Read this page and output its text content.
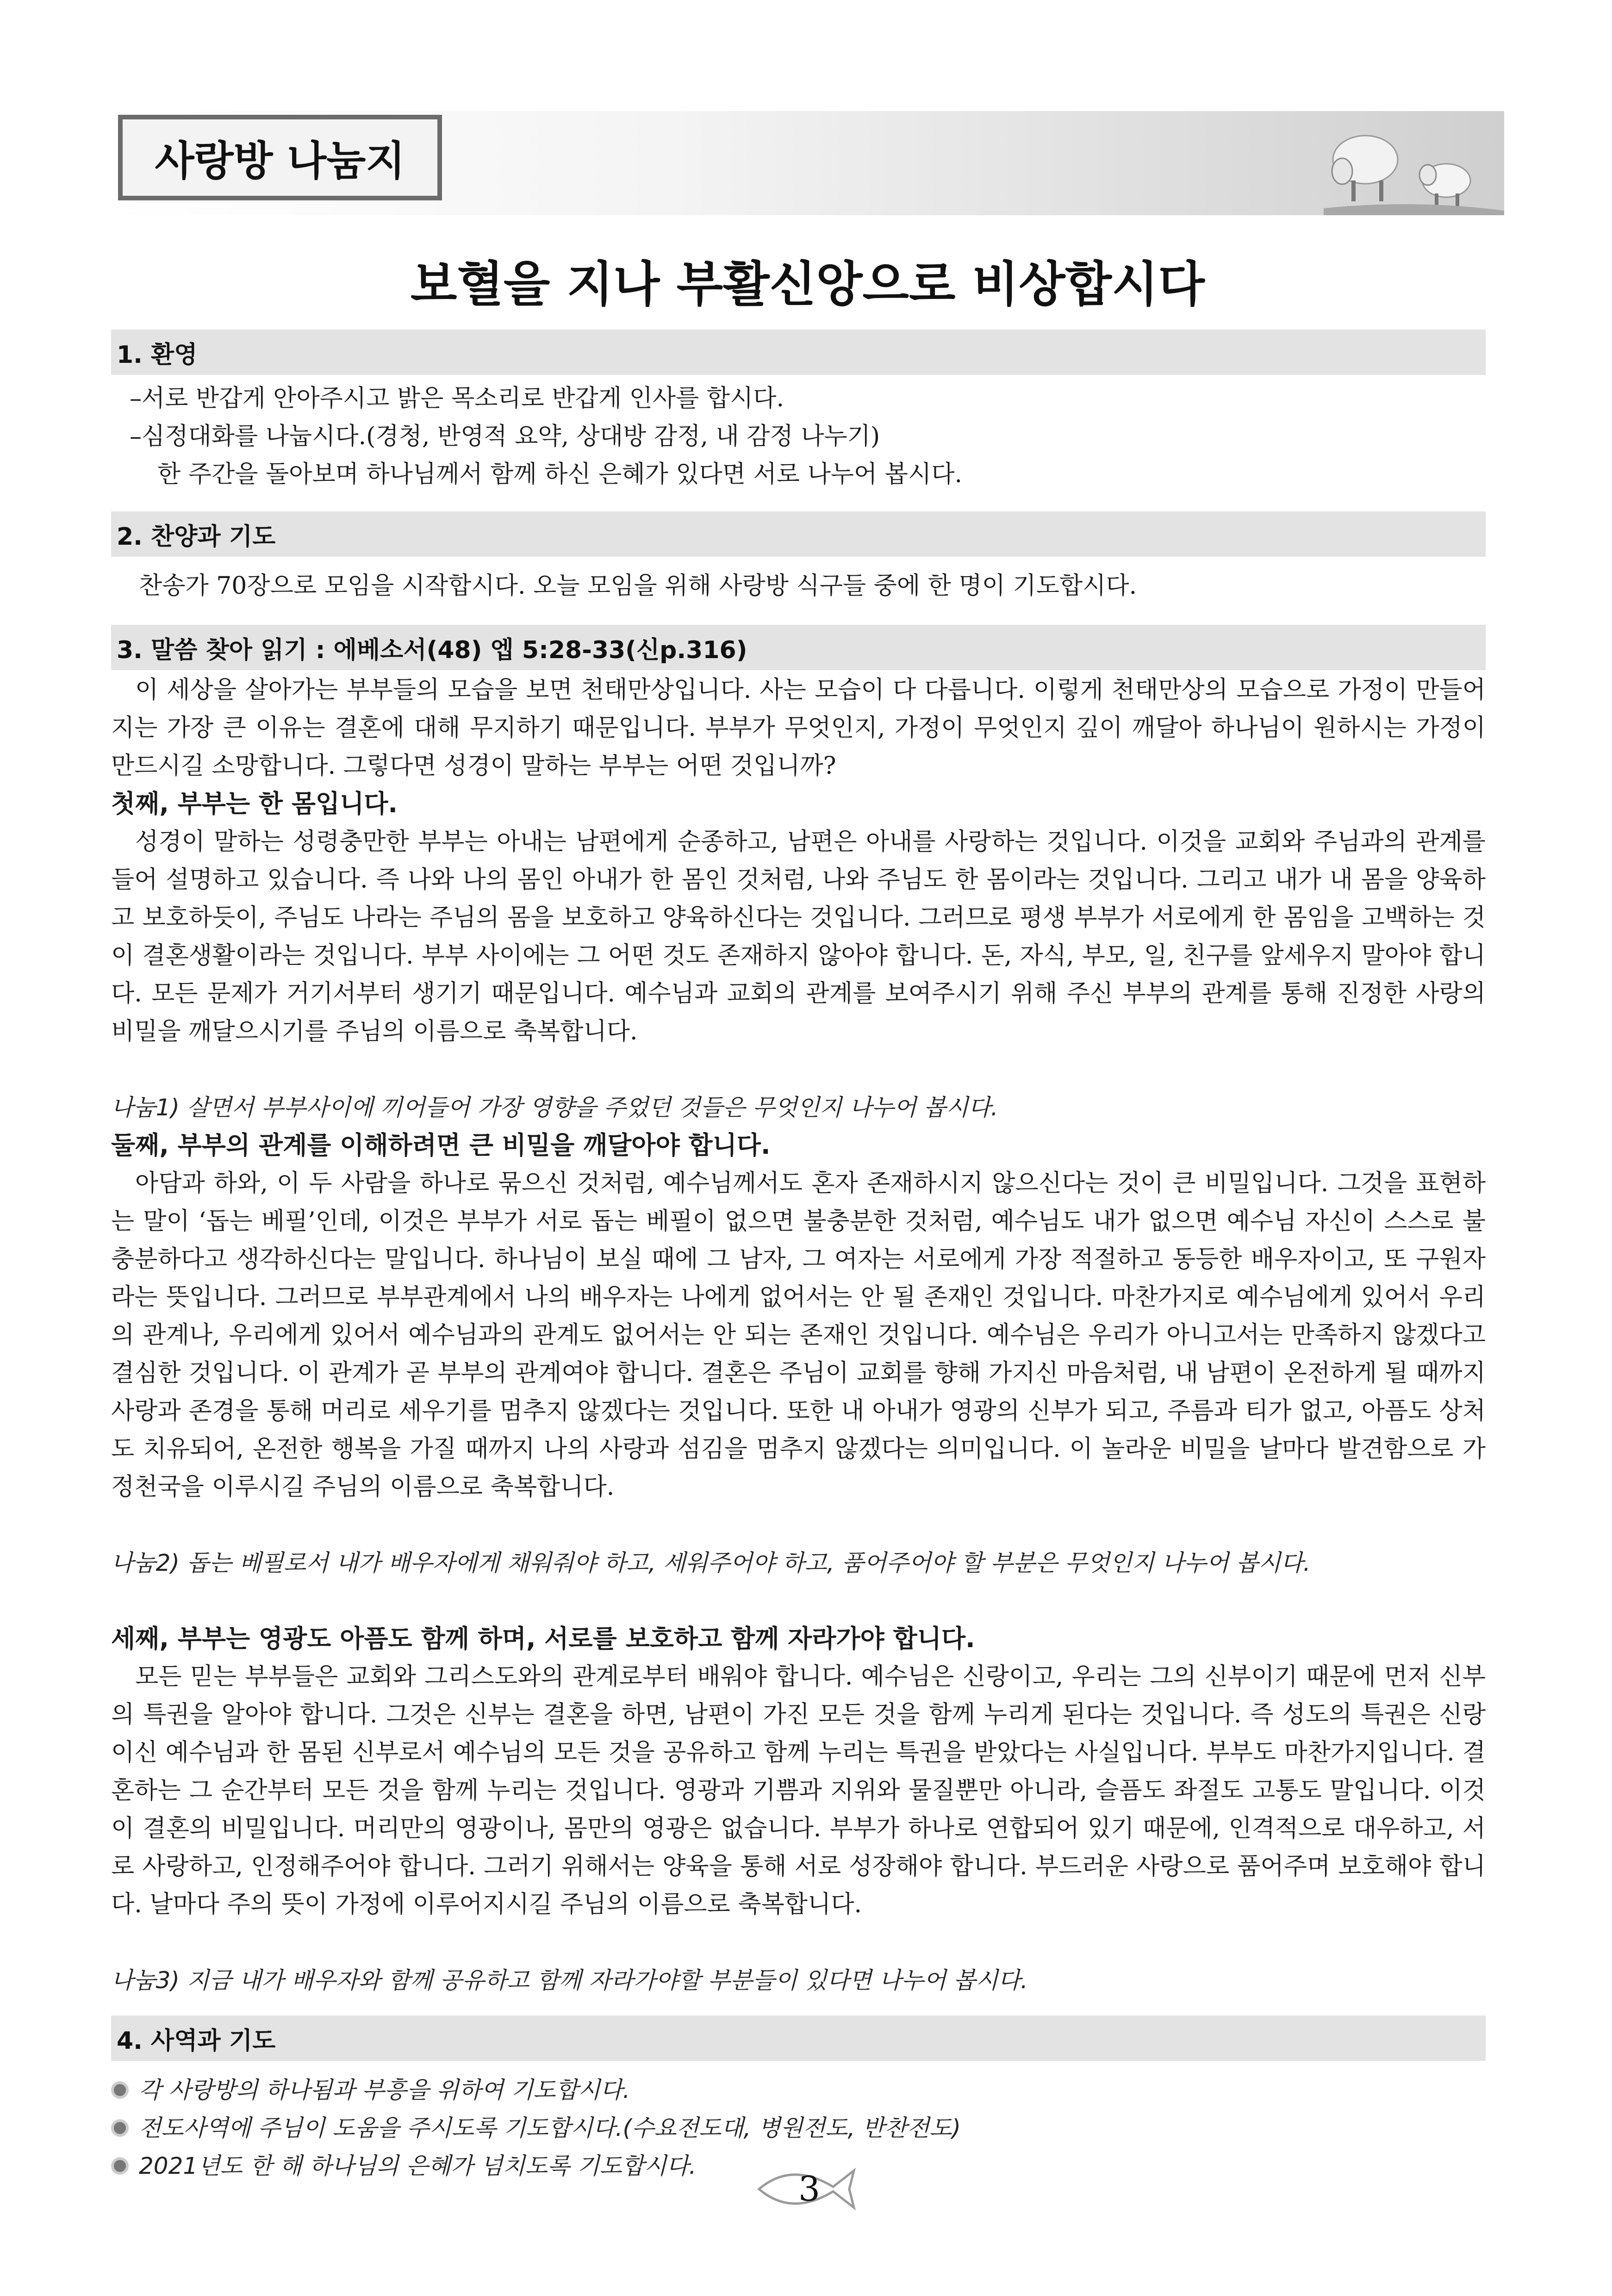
사랑방 나눔지
보혈을 지나 부활신앙으로 비상합시다
1. 환영
–서로 반갑게 안아주시고 밝은 목소리로 반갑게 인사를 합시다.
–심정대화를 나눕시다.(경청, 반영적 요약, 상대방 감정, 내 감정 나누기)
한 주간을 돌아보며 하나님께서 함께 하신 은혜가 있다면 서로 나누어 봅시다.
2. 찬양과 기도
찬송가 70장으로 모임을 시작합시다. 오늘 모임을 위해 사랑방 식구들 중에 한 명이 기도합시다.
3. 말씀 찾아 읽기 : 에베소서(48) 엡 5:28-33(신p.316)

이 세상을 살아가는 부부들의 모습을 보면 천태만상입니다. 사는 모습이 다 다릅니다. 이렇게 천태만상의 모습으로 가정이 만들어지는 가장 큰 이유는 결혼에 대해 무지하기 때문입니다. 부부가 무엇인지, 가정이 무엇인지 깊이 깨달아 하나님이 원하시는 가정이 만드시길 소망합니다. 그렇다면 성경이 말하는 부부는 어떤 것입니까?

첫째, 부부는 한 몸입니다.

성경이 말하는 성령충만한 부부는 아내는 남편에게 순종하고, 남편은 아내를 사랑하는 것입니다. 이것을 교회와 주님과의 관계를 들어 설명하고 있습니다. 즉 나와 나의 몸인 아내가 한 몸인 것처럼, 나와 주님도 한 몸이라는 것입니다. 그리고 내가 내 몸을 양육하고 보호하듯이, 주님도 나라는 주님의 몸을 보호하고 양육하신다는 것입니다. 그러므로 평생 부부가 서로에게 한 몸임을 고백하는 것이 결혼생활이라는 것입니다. 부부 사이에는 그 어떤 것도 존재하지 않아야 합니다. 돈, 자식, 부모, 일, 친구를 앞세우지 말아야 합니다. 모든 문제가 거기서부터 생기기 때문입니다. 예수님과 교회의 관계를 보여주시기 위해 주신 부부의 관계를 통해 진정한 사랑의 비밀을 깨달으시기를 주님의 이름으로 축복합니다.

나눔1) 살면서 부부사이에 끼어들어 가장 영향을 주었던 것들은 무엇인지 나누어 봅시다.

둘째, 부부의 관계를 이해하려면 큰 비밀을 깨달아야 합니다.

아담과 하와, 이 두 사람을 하나로 묶으신 것처럼, 예수님께서도 혼자 존재하시지 않으신다는 것이 큰 비밀입니다. 그것을 표현하는 말이 ‘돕는 베필’인데, 이것은 부부가 서로 돕는 베필이 없으면 불충분한 것처럼, 예수님도 내가 없으면 예수님 자신이 스스로 불충분하다고 생각하신다는 말입니다. 하나님이 보실 때에 그 남자, 그 여자는 서로에게 가장 적절하고 동등한 배우자이고, 또 구원자라는 뜻입니다. 그러므로 부부관계에서 나의 배우자는 나에게 없어서는 안 될 존재인 것입니다. 마찬가지로 예수님에게 있어서 우리의 관계나, 우리에게 있어서 예수님과의 관계도 없어서는 안 되는 존재인 것입니다. 예수님은 우리가 아니고서는 만족하지 않겠다고 결심한 것입니다. 이 관계가 곧 부부의 관계여야 합니다. 결혼은 주님이 교회를 향해 가지신 마음처럼, 내 남편이 온전하게 될 때까지 사랑과 존경을 통해 머리로 세우기를 멈추지 않겠다는 것입니다. 또한 내 아내가 영광의 신부가 되고, 주름과 티가 없고, 아픔도 상처도 치유되어, 온전한 행복을 가질 때까지 나의 사랑과 섬김을 멈추지 않겠다는 의미입니다. 이 놀라운 비밀을 날마다 발견함으로 가정천국을 이루시길 주님의 이름으로 축복합니다.

나눔2) 돕는 베필로서 내가 배우자에게 채워줘야 하고, 세워주어야 하고, 품어주어야 할 부분은 무엇인지 나누어 봅시다.

세째, 부부는 영광도 아픔도 함께 하며, 서로를 보호하고 함께 자라가야 합니다.

모든 믿는 부부들은 교회와 그리스도와의 관계로부터 배워야 합니다. 예수님은 신랑이고, 우리는 그의 신부이기 때문에 먼저 신부의 특권을 알아야 합니다. 그것은 신부는 결혼을 하면, 남편이 가진 모든 것을 함께 누리게 된다는 것입니다. 즉 성도의 특권은 신랑이신 예수님과 한 몸된 신부로서 예수님의 모든 것을 공유하고 함께 누리는 특권을 받았다는 사실입니다. 부부도 마찬가지입니다. 결혼하는 그 순간부터 모든 것을 함께 누리는 것입니다. 영광과 기쁨과 지위와 물질뿐만 아니라, 슬픔도 좌절도 고통도 말입니다. 이것이 결혼의 비밀입니다. 머리만의 영광이나, 몸만의 영광은 없습니다. 부부가 하나로 연합되어 있기 때문에, 인격적으로 대우하고, 서로 사랑하고, 인정해주어야 합니다. 그러기 위해서는 양육을 통해 서로 성장해야 합니다. 부드러운 사랑으로 품어주며 보호해야 합니다. 날마다 주의 뜻이 가정에 이루어지시길 주님의 이름으로 축복합니다.

나눔3) 지금 내가 배우자와 함께 공유하고 함께 자라가야할 부분들이 있다면 나누어 봅시다.

4. 사역과 기도
각 사랑방의 하나됨과 부흥을 위하여 기도합시다.
전도사역에 주님이 도움을 주시도록 기도합시다.(수요전도대, 병원전도, 반찬전도)
2021년도 한 해 하나님의 은혜가 넘치도록 기도합시다.
3
